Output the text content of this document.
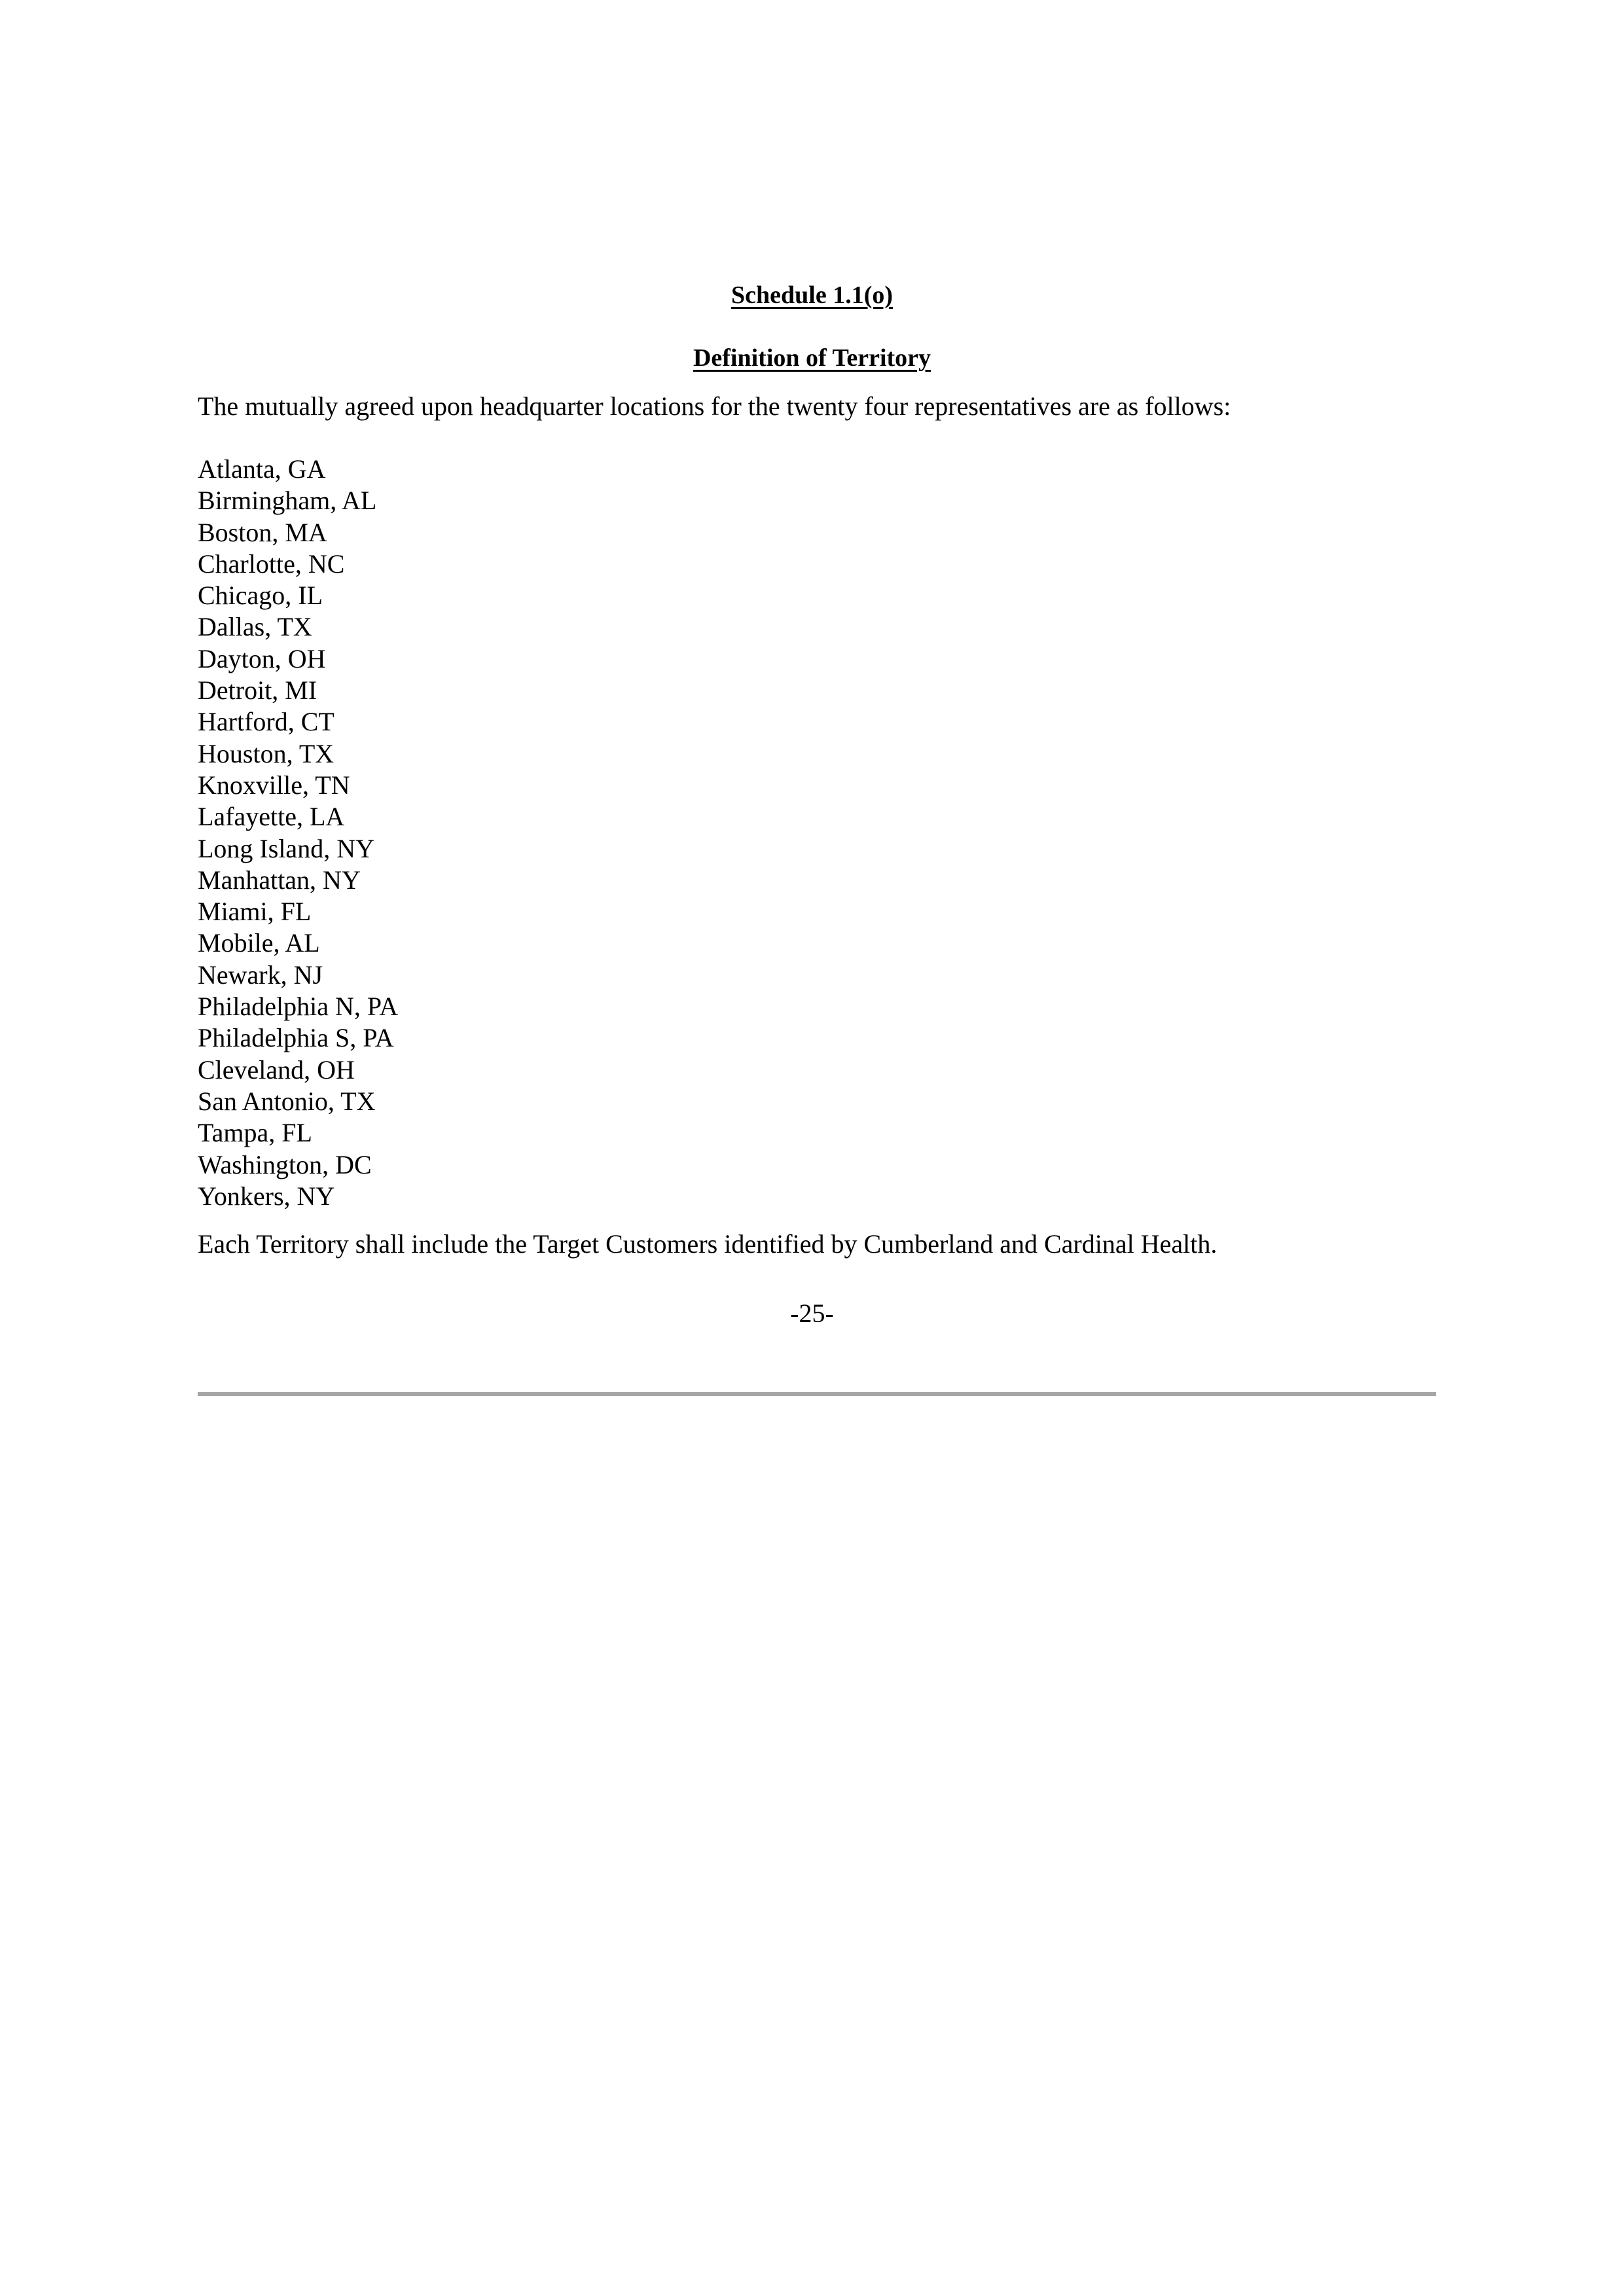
Schedule 1.1(o)
Definition of Territory
The mutually agreed upon headquarter locations for the twenty four representatives are as follows:
Atlanta, GA
Birmingham, AL
Boston, MA
Charlotte, NC
Chicago, IL
Dallas, TX
Dayton, OH
Detroit, MI
Hartford, CT
Houston, TX
Knoxville, TN
Lafayette, LA
Long Island, NY
Manhattan, NY
Miami, FL
Mobile, AL
Newark, NJ
Philadelphia N, PA
Philadelphia S, PA
Cleveland, OH
San Antonio, TX
Tampa, FL
Washington, DC
Yonkers, NY
Each Territory shall include the Target Customers identified by Cumberland and Cardinal Health.
-25-
